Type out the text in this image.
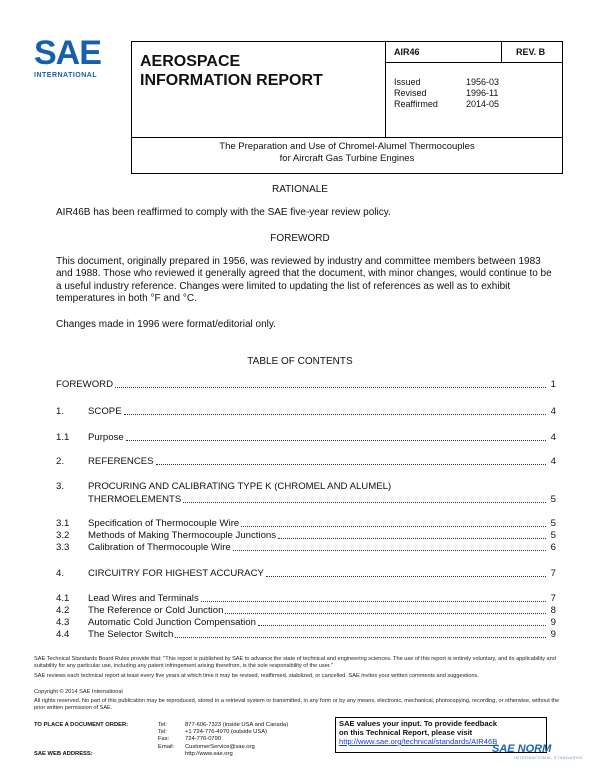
SAE
INTERNATIONAL
AEROSPACE
INFORMATION REPORT
AIR46	REV. B
Issued	1956-03
Revised	1996-11
Reaffirmed	2014-05
The Preparation and Use of Chromel-Alumel Thermocouples
for Aircraft Gas Turbine Engines
RATIONALE
AIR46B has been reaffirmed to comply with the SAE five-year review policy.
FOREWORD
This document, originally prepared in 1956, was reviewed by industry and committee members between 1983 and 1988. Those who reviewed it generally agreed that the document, with minor changes, would continue to be a useful industry reference. Changes were limited to updating the list of references as well as to exhibit temperatures in both °F and °C.
Changes made in 1996 were format/editorial only.
TABLE OF CONTENTS
FOREWORD	1
1.	SCOPE	4
1.1	Purpose	4
2.	REFERENCES	4
3.	PROCURING AND CALIBRATING TYPE K (CHROMEL AND ALUMEL)
THERMOELEMENTS	5
3.1	Specification of Thermocouple Wire	5
3.2	Methods of Making Thermocouple Junctions	5
3.3	Calibration of Thermocouple Wire	6
4.	CIRCUITRY FOR HIGHEST ACCURACY	7
4.1	Lead Wires and Terminals	7
4.2	The Reference or Cold Junction	8
4.3	Automatic Cold Junction Compensation	9
4.4	The Selector Switch	9
SAE Technical Standards Board Rules provide that: "This report is published by SAE to advance the state of technical and engineering sciences. The use of this report is entirely voluntary, and its applicability and suitability for any particular use, including any patent infringement arising therefrom, is the sole responsibility of the user."
SAE reviews each technical report at least every five years at which time it may be revised, reaffirmed, stabilized, or cancelled. SAE invites your written comments and suggestions.
Copyright © 2014 SAE International
All rights reserved. No part of this publication may be reproduced, stored in a retrieval system or transmitted, in any form or by any means, electronic, mechanical, photocopying, recording, or otherwise, without the prior written permission of SAE.
TO PLACE A DOCUMENT ORDER:	Tel:	877-606-7323 (inside USA and Canada)
Tel:	+1 724-776-4970 (outside USA)
Fax:	724-776-0790
Email:	CustomerService@sae.org
SAE WEB ADDRESS:	http://www.sae.org
SAE values your input. To provide feedback
on this Technical Report, please visit
http://www.sae.org/technical/standards/AIR46B
SAE NORM
INTERNATIONAL STANDARDS
